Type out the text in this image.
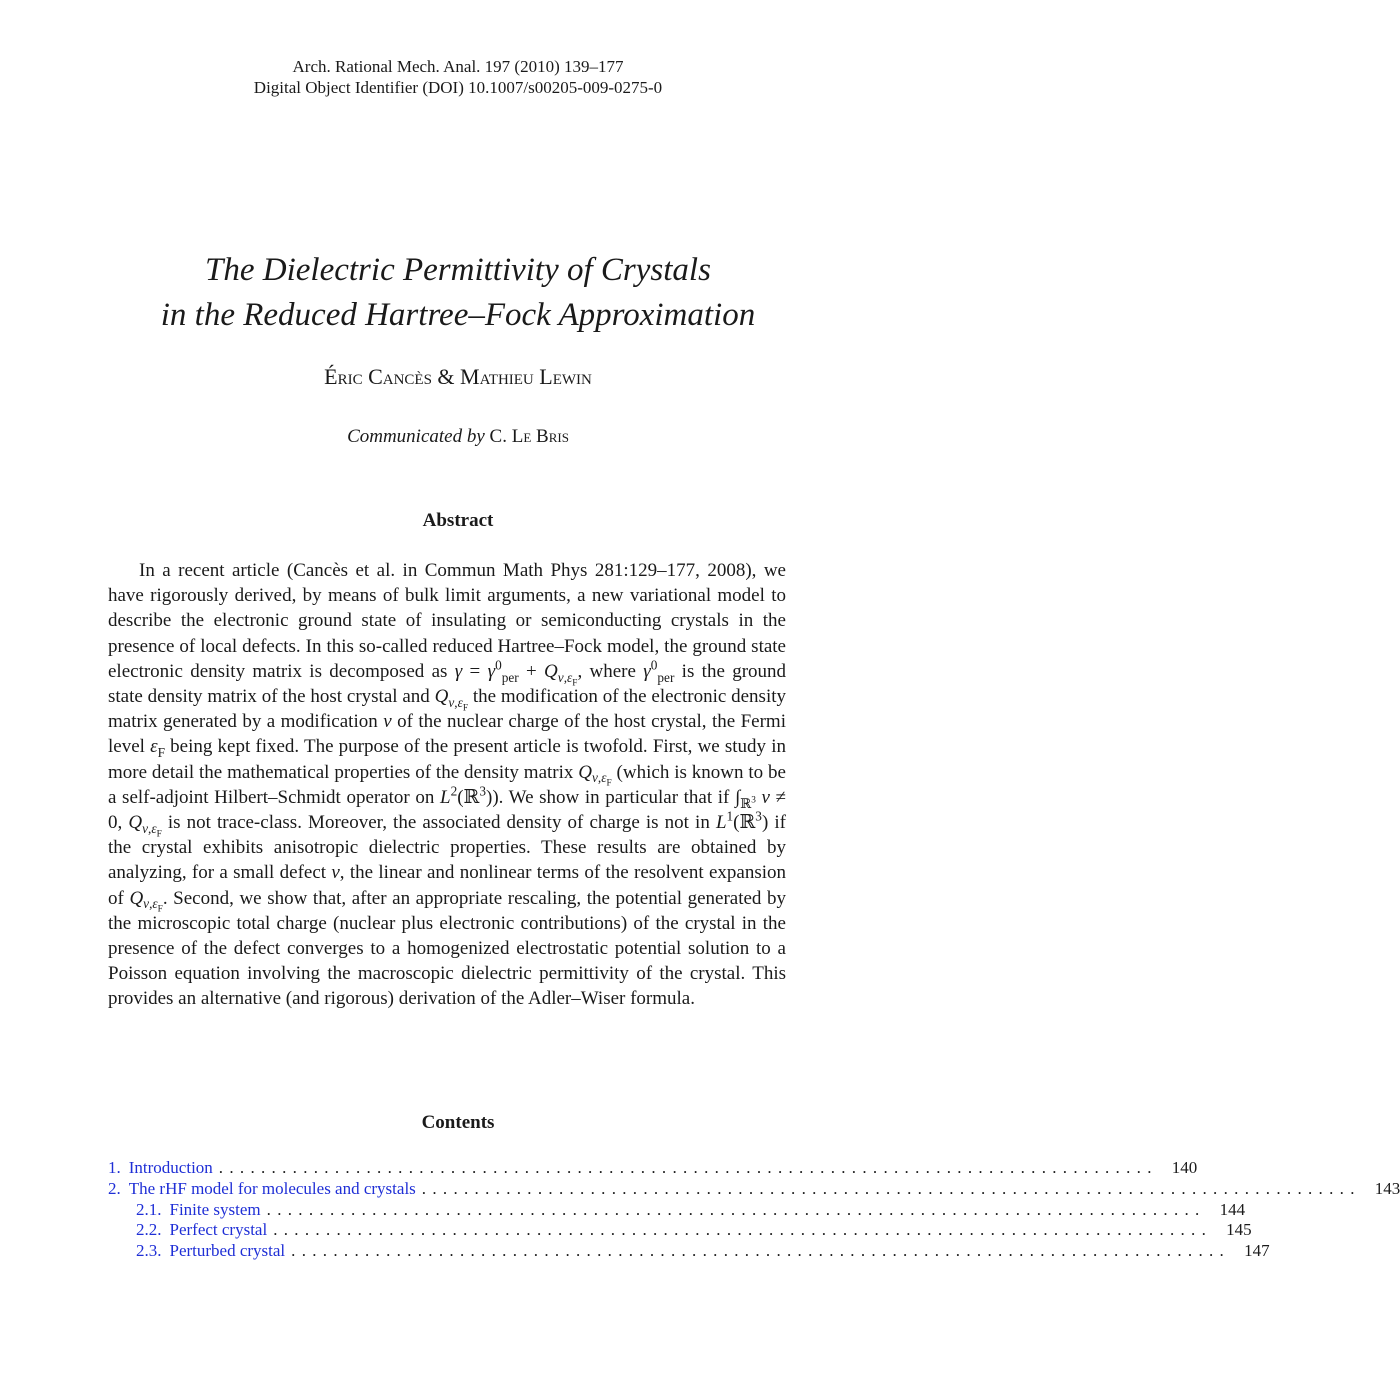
Arch. Rational Mech. Anal. 197 (2010) 139–177
Digital Object Identifier (DOI) 10.1007/s00205-009-0275-0
The Dielectric Permittivity of Crystals
in the Reduced Hartree–Fock Approximation
Éric Cancès & Mathieu Lewin
Communicated by C. Le Bris
Abstract

In a recent article (Cancès et al. in Commun Math Phys 281:129–177, 2008), we have rigorously derived, by means of bulk limit arguments, a new variational model to describe the electronic ground state of insulating or semiconducting crystals in the presence of local defects. In this so-called reduced Hartree–Fock model, the ground state electronic density matrix is decomposed as $\gamma = \gamma^0_{per} + Q_{\nu,\varepsilon_F}$, where $\gamma^0_{per}$ is the ground state density matrix of the host crystal and $Q_{\nu,\varepsilon_F}$ the modification of the electronic density matrix generated by a modification ν of the nuclear charge of the host crystal, the Fermi level $\varepsilon_F$ being kept fixed. The purpose of the present article is twofold. First, we study in more detail the mathematical properties of the density matrix $Q_{\nu,\varepsilon_F}$ (which is known to be a self-adjoint Hilbert–Schmidt operator on $L^2(ℝ^3)$). We show in particular that if $\int_{ℝ^3}$ ν ≠ 0, $Q_{\nu,\varepsilon_F}$ is not trace-class. Moreover, the associated density of charge is not in $L^1(ℝ^3)$ if the crystal exhibits anisotropic dielectric properties. These results are obtained by analyzing, for a small defect ν, the linear and nonlinear terms of the resolvent expansion of $Q_{\nu,\varepsilon_F}$. Second, we show that, after an appropriate rescaling, the potential generated by the microscopic total charge (nuclear plus electronic contributions) of the crystal in the presence of the defect converges to a homogenized electrostatic potential solution to a Poisson equation involving the macroscopic dielectric permittivity of the crystal. This provides an alternative (and rigorous) derivation of the Adler–Wiser formula.

Contents
1. Introduction ......................................................................................... 140
2. The rHF model for molecules and crystals ......................................................................................... 143
2.1. Finite system ......................................................................................... 144
2.2. Perfect crystal ......................................................................................... 145
2.3. Perturbed crystal ......................................................................................... 147
